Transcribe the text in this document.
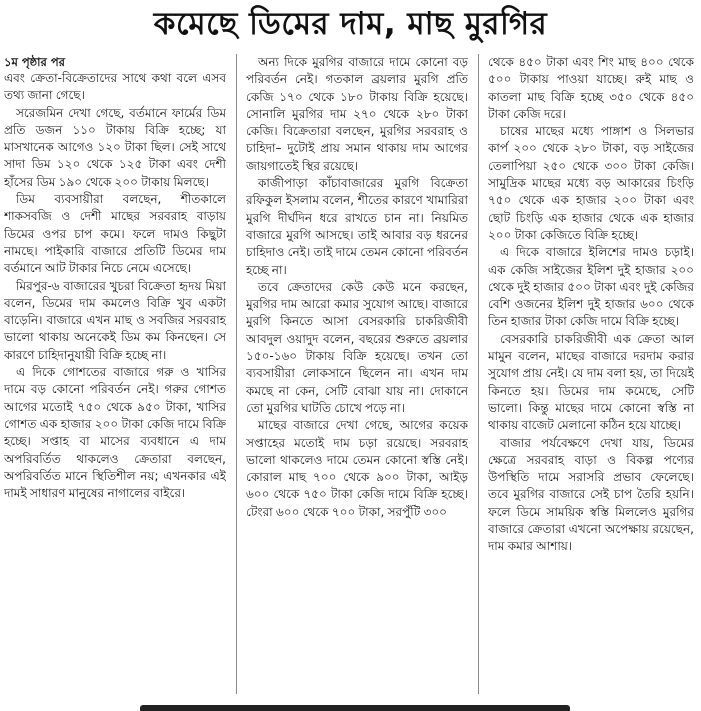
কমেছে ডিমের দাম, মাছ মুরগির

১ম পৃষ্ঠার পর

এবং ক্রেতা-বিক্রেতাদের সাথে কথা বলে এসব তথ্য জানা গেছে।

সরেজমিন দেখা গেছে, বর্তমানে ফার্মের ডিম প্রতি ডজন ১১০ টাকায় বিক্রি হচ্ছে; যা মাসখানেক আগেও ১২০ টাকা ছিল। সেই সাথে সাদা ডিম ১২০ থেকে ১২৫ টাকা এবং দেশী হাঁসের ডিম ১৯০ থেকে ২০০ টাকায় মিলছে।

ডিম ব্যবসায়ীরা বলছেন, শীতকালে শাকসবজি ও দেশী মাছের সরবরাহ বাড়ায় ডিমের ওপর চাপ কমে। ফলে দামও কিছুটা নামছে। পাইকারি বাজারে প্রতিটি ডিমের দাম বর্তমানে আট টাকার নিচে নেমে এসেছে।

মিরপুর-৬ বাজারের খুচরা বিক্রেতা হৃদয় মিয়া বলেন, ডিমের দাম কমলেও বিক্রি খুব একটা বাড়েনি। বাজারে এখন মাছ ও সবজির সরবরাহ ভালো থাকায় অনেকেই ডিম কম কিনছেন। সে কারণে চাহিদানুযায়ী বিক্রি হচ্ছে না।

এ দিকে গোশতের বাজারে গরু ও খাসির দামে বড় কোনো পরিবর্তন নেই। গরুর গোশত আগের মতোই ৭৫০ থেকে ৯৫০ টাকা, খাসির গোশত এক হাজার ২০০ টাকা কেজি দামে বিক্রি হচ্ছে। সপ্তাহ বা মাসের ব্যবধানে এ দাম অপরিবর্তিত থাকলেও ক্রেতারা বলছেন, অপরিবর্তিত মানে স্থিতিশীল নয়; এখনকার এই দামই সাধারণ মানুষের নাগালের বাইরে।

অন্য দিকে মুরগির বাজারে দামে কোনো বড় পরিবর্তন নেই। গতকাল ব্রয়লার মুরগি প্রতি কেজি ১৭০ থেকে ১৮০ টাকায় বিক্রি হয়েছে। সোনালি মুরগির দাম ২৭০ থেকে ২৮০ টাকা কেজি। বিক্রেতারা বলছেন, মুরগির সরবরাহ ও চাহিদা– দুটোই প্রায় সমান থাকায় দাম আগের জায়গাতেই স্থির রয়েছে।

কাজীপাড়া কাঁচাবাজারের মুরগি বিক্রেতা রফিকুল ইসলাম বলেন, শীতের কারণে খামারিরা মুরগি দীর্ঘদিন ধরে রাখতে চান না। নিয়মিত বাজারে মুরগি আসছে। তাই আবার বড় ধরনের চাহিদাও নেই। তাই দামে তেমন কোনো পরিবর্তন হচ্ছে না।

তবে ক্রেতাদের কেউ কেউ মনে করছেন, মুরগির দাম আরো কমার সুযোগ আছে। বাজারে মুরগি কিনতে আসা বেসরকারি চাকরিজীবী আবদুল ওয়াদুদ বলেন, বছরের শুরুতে ব্রয়লার ১৫০-১৬০ টাকায় বিক্রি হয়েছে। তখন তো ব্যবসায়ীরা লোকসানে ছিলেন না। এখন দাম কমছে না কেন, সেটি বোঝা যায় না। দোকানে তো মুরগির ঘাটতি চোখে পড়ে না।

মাছের বাজারে দেখা গেছে, আগের কয়েক সপ্তাহের মতোই দাম চড়া রয়েছে। সরবরাহ ভালো থাকলেও দামে তেমন কোনো স্বস্তি নেই। কোরাল মাছ ৭০০ থেকে ৯০০ টাকা, আইড় ৬০০ থেকে ৭৫০ টাকা কেজি দামে বিক্রি হচ্ছে। টেংরা ৬০০ থেকে ৭০০ টাকা, সরপুঁটি ৩০০

থেকে ৪৫০ টাকা এবং শিং মাছ ৪০০ থেকে ৫০০ টাকায় পাওয়া যাচ্ছে। রুই মাছ ও কাতলা মাছ বিক্রি হচ্ছে ৩৫০ থেকে ৪৫০ টাকা কেজি দরে।

চাষের মাছের মধ্যে পাঙ্গাশ ও সিলভার কার্প ২০০ থেকে ২৮০ টাকা, বড় সাইজের তেলাপিয়া ২৫০ থেকে ৩০০ টাকা কেজি। সামুদ্রিক মাছের মধ্যে বড় আকারের চিংড়ি ৭৫০ থেকে এক হাজার ২০০ টাকা এবং ছোট চিংড়ি এক হাজার থেকে এক হাজার ২০০ টাকা কেজিতে বিক্রি হচ্ছে।

এ দিকে বাজারে ইলিশের দামও চড়াই। এক কেজি সাইজের ইলিশ দুই হাজার ২০০ থেকে দুই হাজার ৫০০ টাকা এবং দুই কেজির বেশি ওজনের ইলিশ দুই হাজার ৬০০ থেকে তিন হাজার টাকা কেজি দামে বিক্রি হচ্ছে।

বেসরকারি চাকরিজীবী এক ক্রেতা আল মামুন বলেন, মাছের বাজারে দরদাম করার সুযোগ প্রায় নেই। যে দাম বলা হয়, তা দিয়েই কিনতে হয়। ডিমের দাম কমেছে, সেটি ভালো। কিন্তু মাছের দামে কোনো স্বস্তি না থাকায় বাজেট মেলানো কঠিন হয়ে যাচ্ছে।

বাজার পর্যবেক্ষণে দেখা যায়, ডিমের ক্ষেত্রে সরবরাহ বাড়া ও বিকল্প পণ্যের উপস্থিতি দামে সরাসরি প্রভাব ফেলেছে। তবে মুরগির বাজারে সেই চাপ তৈরি হয়নি। ফলে ডিমে সাময়িক স্বস্তি মিললেও মুরগির বাজারে ক্রেতারা এখনো অপেক্ষায় রয়েছেন, দাম কমার আশায়।
